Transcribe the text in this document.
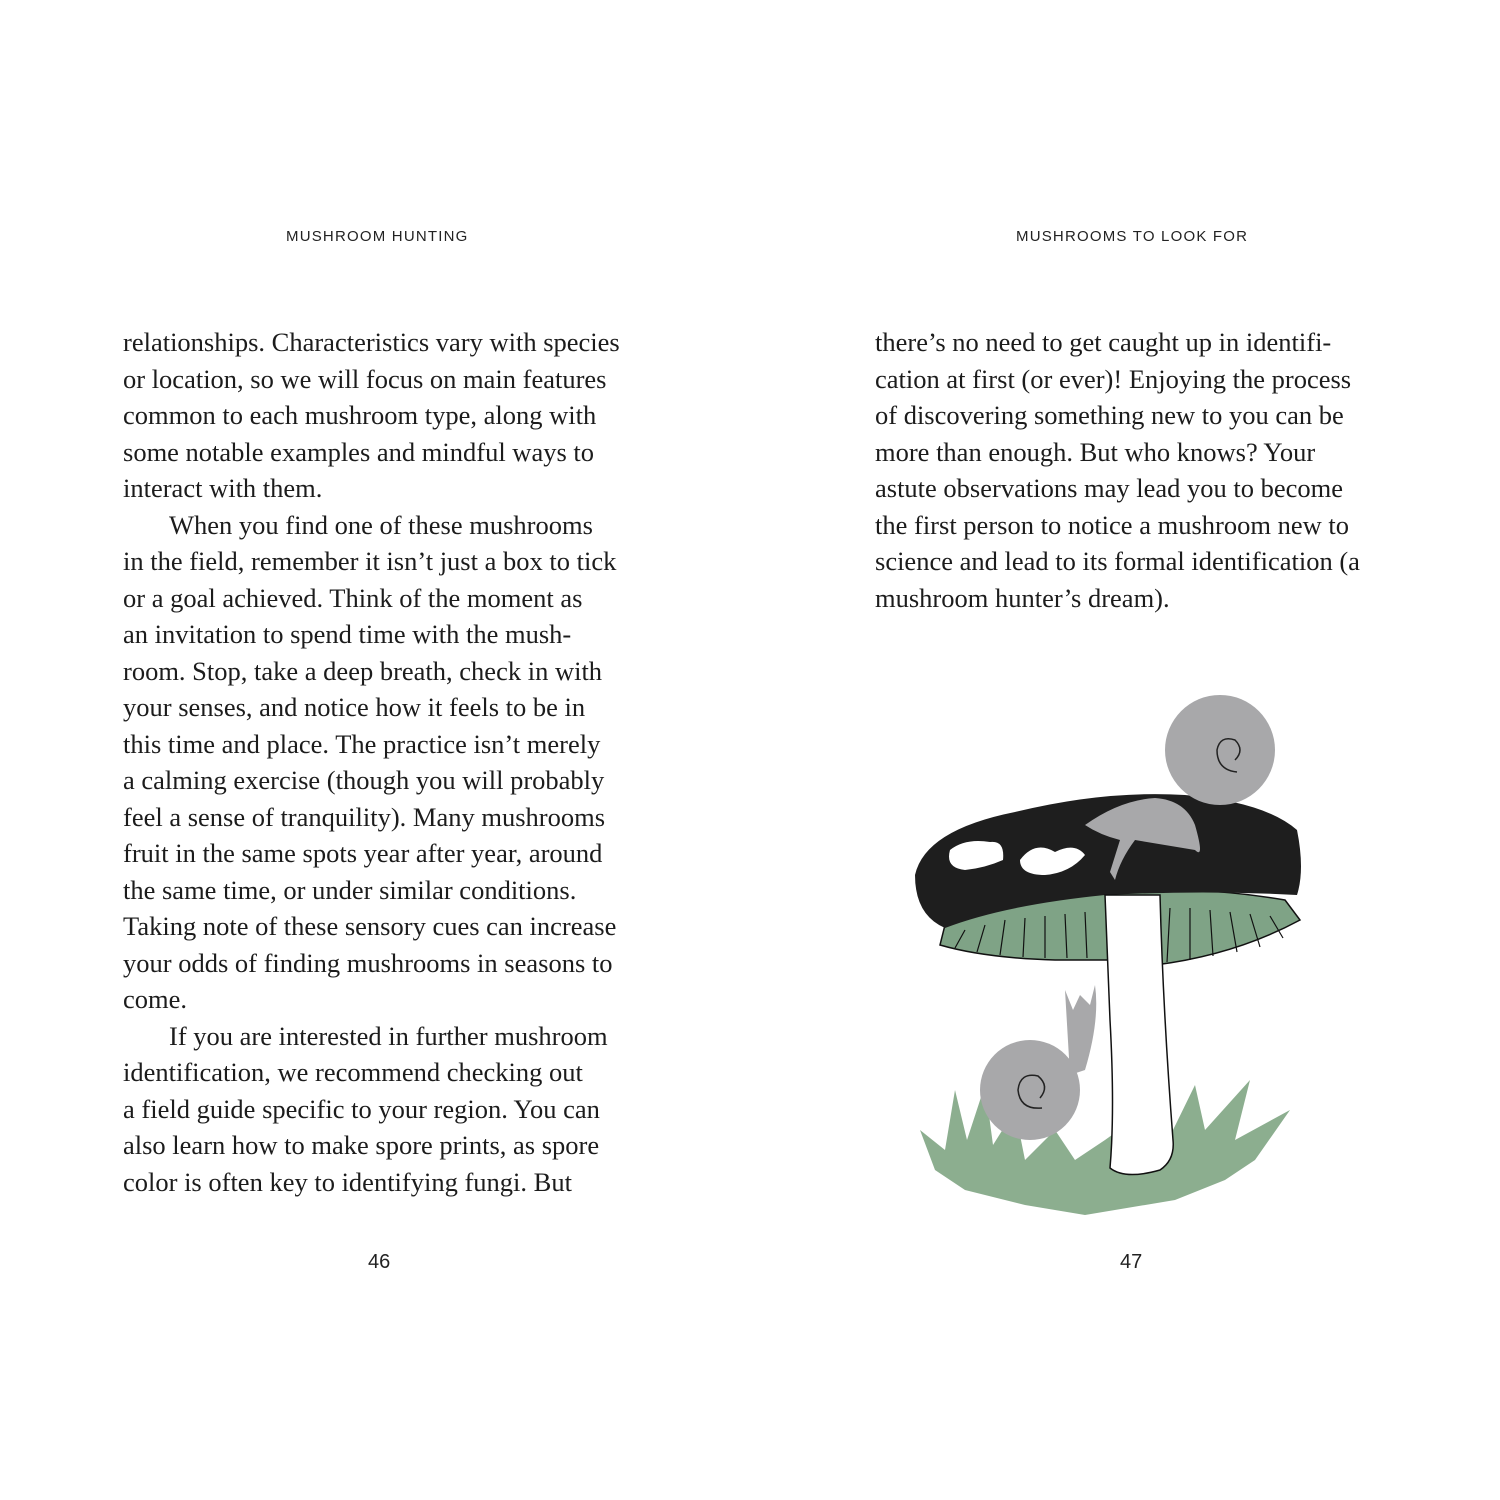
MUSHROOM HUNTING	MUSHROOMS TO LOOK FOR
relationships. Characteristics vary with species
or location, so we will focus on main features
common to each mushroom type, along with
some notable examples and mindful ways to
interact with them.
When you find one of these mushrooms
in the field, remember it isn’t just a box to tick
or a goal achieved. Think of the moment as
an invitation to spend time with the mush-
room. Stop, take a deep breath, check in with
your senses, and notice how it feels to be in
this time and place. The practice isn’t merely
a calming exercise (though you will probably
feel a sense of tranquility). Many mushrooms
fruit in the same spots year after year, around
the same time, or under similar conditions.
Taking note of these sensory cues can increase
your odds of finding mushrooms in seasons to
come.
If you are interested in further mushroom
identification, we recommend checking out
a field guide specific to your region. You can
also learn how to make spore prints, as spore
color is often key to identifying fungi. But
there’s no need to get caught up in identifi-
cation at first (or ever)! Enjoying the process
of discovering something new to you can be
more than enough. But who knows? Your
astute observations may lead you to become
the first person to notice a mushroom new to
science and lead to its formal identification (a
mushroom hunter’s dream).
46	47
